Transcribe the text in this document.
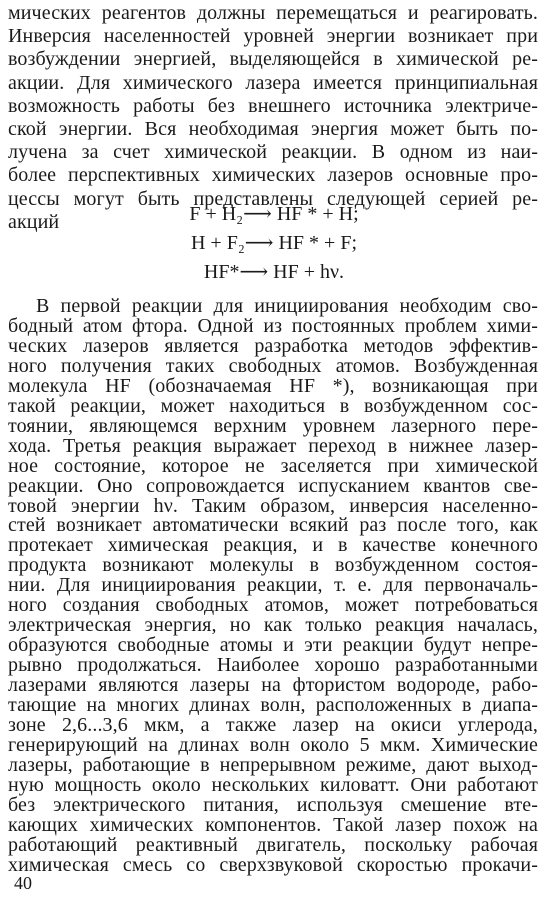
мических реагентов должны перемещаться и реагировать.
Инверсия населенностей уровней энергии возникает при
возбуждении энергией, выделяющейся в химической ре-
акции. Для химического лазера имеется принципиальная
возможность работы без внешнего источника электриче-
ской энергии. Вся необходимая энергия может быть по-
лучена за счет химической реакции. В одном из наи-
более перспективных химических лазеров основные про-
цессы могут быть представлены следующей серией ре-
акций	F + H₂⟶ HF * + H;
H + F₂⟶ HF * + F;
HF*⟶ HF + hν.
В первой реакции для инициирования необходим сво-
бодный атом фтора. Одной из постоянных проблем хими-
ческих лазеров является разработка методов эффектив-
ного получения таких свободных атомов. Возбужденная
молекула HF (обозначаемая HF *), возникающая при
такой реакции, может находиться в возбужденном сос-
тоянии, являющемся верхним уровнем лазерного пере-
хода. Третья реакция выражает переход в нижнее лазер-
ное состояние, которое не заселяется при химической
реакции. Оно сопровождается испусканием квантов све-
товой энергии hν. Таким образом, инверсия населенно-
стей возникает автоматически всякий раз после того, как
протекает химическая реакция, и в качестве конечного
продукта возникают молекулы в возбужденном состоя-
нии. Для инициирования реакции, т. е. для первоначаль-
ного создания свободных атомов, может потребоваться
электрическая энергия, но как только реакция началась,
образуются свободные атомы и эти реакции будут непре-
рывно продолжаться. Наиболее хорошо разработанными
лазерами являются лазеры на фтористом водороде, рабо-
тающие на многих длинах волн, расположенных в диапа-
зоне 2,6...3,6 мкм, а также лазер на окиси углерода,
генерирующий на длинах волн около 5 мкм. Химические
лазеры, работающие в непрерывном режиме, дают выход-
ную мощность около нескольких киловатт. Они работают
без электрического питания, используя смешение вте-
кающих химических компонентов. Такой лазер похож на
работающий реактивный двигатель, поскольку рабочая
химическая смесь со сверхзвуковой скоростью прокачи-
40
